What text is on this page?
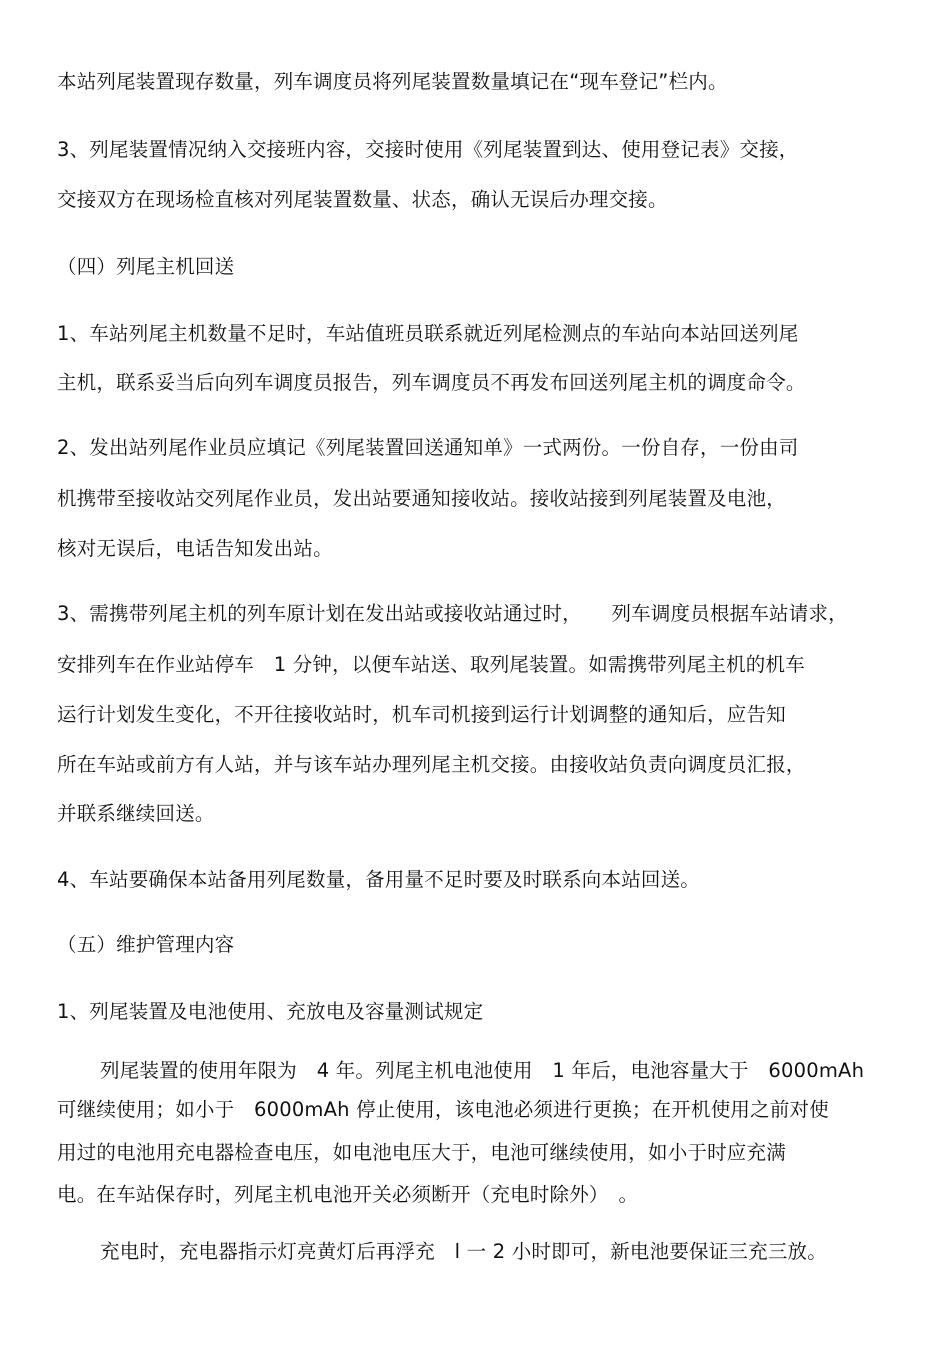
本站列尾装置现存数量，列车调度员将列尾装置数量填记在“现车登记”栏内。

3、列尾装置情况纳入交接班内容，交接时使用《列尾装置到达、使用登记表》交接，

交接双方在现场检直核对列尾装置数量、状态，确认无误后办理交接。

（四）列尾主机回送

1、车站列尾主机数量不足时，车站值班员联系就近列尾检测点的车站向本站回送列尾

主机，联系妥当后向列车调度员报告，列车调度员不再发布回送列尾主机的调度命令。

2、发出站列尾作业员应填记《列尾装置回送通知单》一式两份。一份自存，一份由司

机携带至接收站交列尾作业员，发出站要通知接收站。接收站接到列尾装置及电池，

核对无误后，电话告知发出站。

3、需携带列尾主机的列车原计划在发出站或接收站通过时，　　列车调度员根据车站请求，

安排列车在作业站停车　1 分钟，以便车站送、取列尾装置。如需携带列尾主机的机车

运行计划发生变化，不开往接收站时，机车司机接到运行计划调整的通知后，应告知

所在车站或前方有人站，并与该车站办理列尾主机交接。由接收站负责向调度员汇报，

并联系继续回送。

4、车站要确保本站备用列尾数量，备用量不足时要及时联系向本站回送。

（五）维护管理内容

1、列尾装置及电池使用、充放电及容量测试规定

列尾装置的使用年限为　4 年。列尾主机电池使用　1 年后，电池容量大于　6000mAh

可继续使用；如小于　6000mAh 停止使用，该电池必须进行更换；在开机使用之前对使

用过的电池用充电器检查电压，如电池电压大于，电池可继续使用，如小于时应充满

电。在车站保存时，列尾主机电池开关必须断开（充电时除外）　。

充电时，充电器指示灯亮黄灯后再浮充　l 一 2 小时即可，新电池要保证三充三放。
